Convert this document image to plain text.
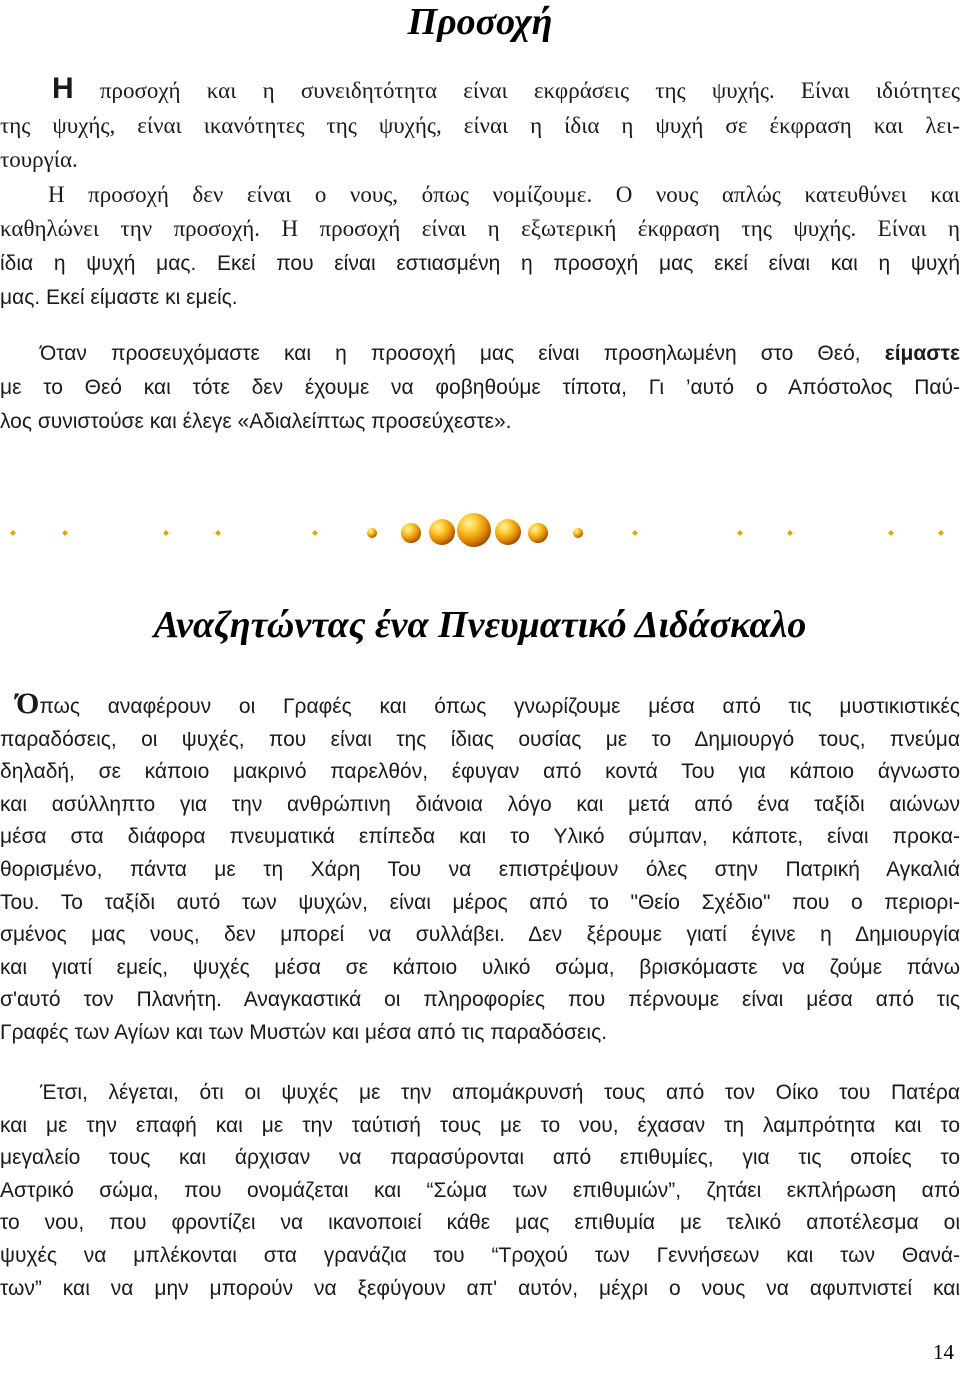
Προσοχή
Η προσοχή και η συνειδητότητα είναι εκφράσεις της ψυχής. Είναι ιδιότητες
της ψυχής, είναι ικανότητες της ψυχής, είναι η ίδια η ψυχή σε έκφραση και λει-
τουργία.
Η προσοχή δεν είναι ο νους, όπως νομίζουμε. Ο νους απλώς κατευθύνει και
καθηλώνει την προσοχή. Η προσοχή είναι η εξωτερική έκφραση της ψυχής. Είναι η
ίδια η ψυχή μας. Εκεί που είναι εστιασμένη η προσοχή μας εκεί είναι και η ψυχή
μας. Εκεί είμαστε κι εμείς.
Όταν προσευχόμαστε και η προσοχή μας είναι προσηλωμένη στο Θεό, είμαστε
με το Θεό και τότε δεν έχουμε να φοβηθούμε τίποτα, Γι ’αυτό ο Απόστολος Παύ-
λος συνιστούσε και έλεγε «Αδιαλείπτως προσεύχεστε».
Αναζητώντας ένα Πνευματικό Διδάσκαλο
Όπως αναφέρουν οι Γραφές και όπως γνωρίζουμε μέσα από τις μυστικιστικές
παραδόσεις, οι ψυχές, που είναι της ίδιας ουσίας με το Δημιουργό τους, πνεύμα
δηλαδή, σε κάποιο μακρινό παρελθόν, έφυγαν από κοντά Του για κάποιο άγνωστο
και ασύλληπτο για την ανθρώπινη διάνοια λόγο και μετά από ένα ταξίδι αιώνων
μέσα στα διάφορα πνευματικά επίπεδα και το Υλικό σύμπαν, κάποτε, είναι προκα-
θορισμένο, πάντα με τη Χάρη Του να επιστρέψουν όλες στην Πατρική Αγκαλιά
Του. Το ταξίδι αυτό των ψυχών, είναι μέρος από το "Θείο Σχέδιο" που ο περιορι-
σμένος μας νους, δεν μπορεί να συλλάβει. Δεν ξέρουμε γιατί έγινε η Δημιουργία
και γιατί εμείς, ψυχές μέσα σε κάποιο υλικό σώμα, βρισκόμαστε να ζούμε πάνω
σ'αυτό τον Πλανήτη. Αναγκαστικά οι πληροφορίες που πέρνουμε είναι μέσα από τις
Γραφές των Αγίων και των Μυστών και μέσα από τις παραδόσεις.
Έτσι, λέγεται, ότι οι ψυχές με την απομάκρυνσή τους από τον Οίκο του Πατέρα
και με την επαφή και με την ταύτισή τους με το νου, έχασαν τη λαμπρότητα και το
μεγαλείο τους και άρχισαν να παρασύρονται από επιθυμίες, για τις οποίες το
Αστρικό σώμα, που ονομάζεται και “Σώμα των επιθυμιών”, ζητάει εκπλήρωση από
το νου, που φροντίζει να ικανοποιεί κάθε μας επιθυμία με τελικό αποτέλεσμα οι
ψυχές να μπλέκονται στα γρανάζια του “Τροχού των Γεννήσεων και των Θανά-
των” και να μην μπορούν να ξεφύγουν απ' αυτόν, μέχρι ο νους να αφυπνιστεί και
14
